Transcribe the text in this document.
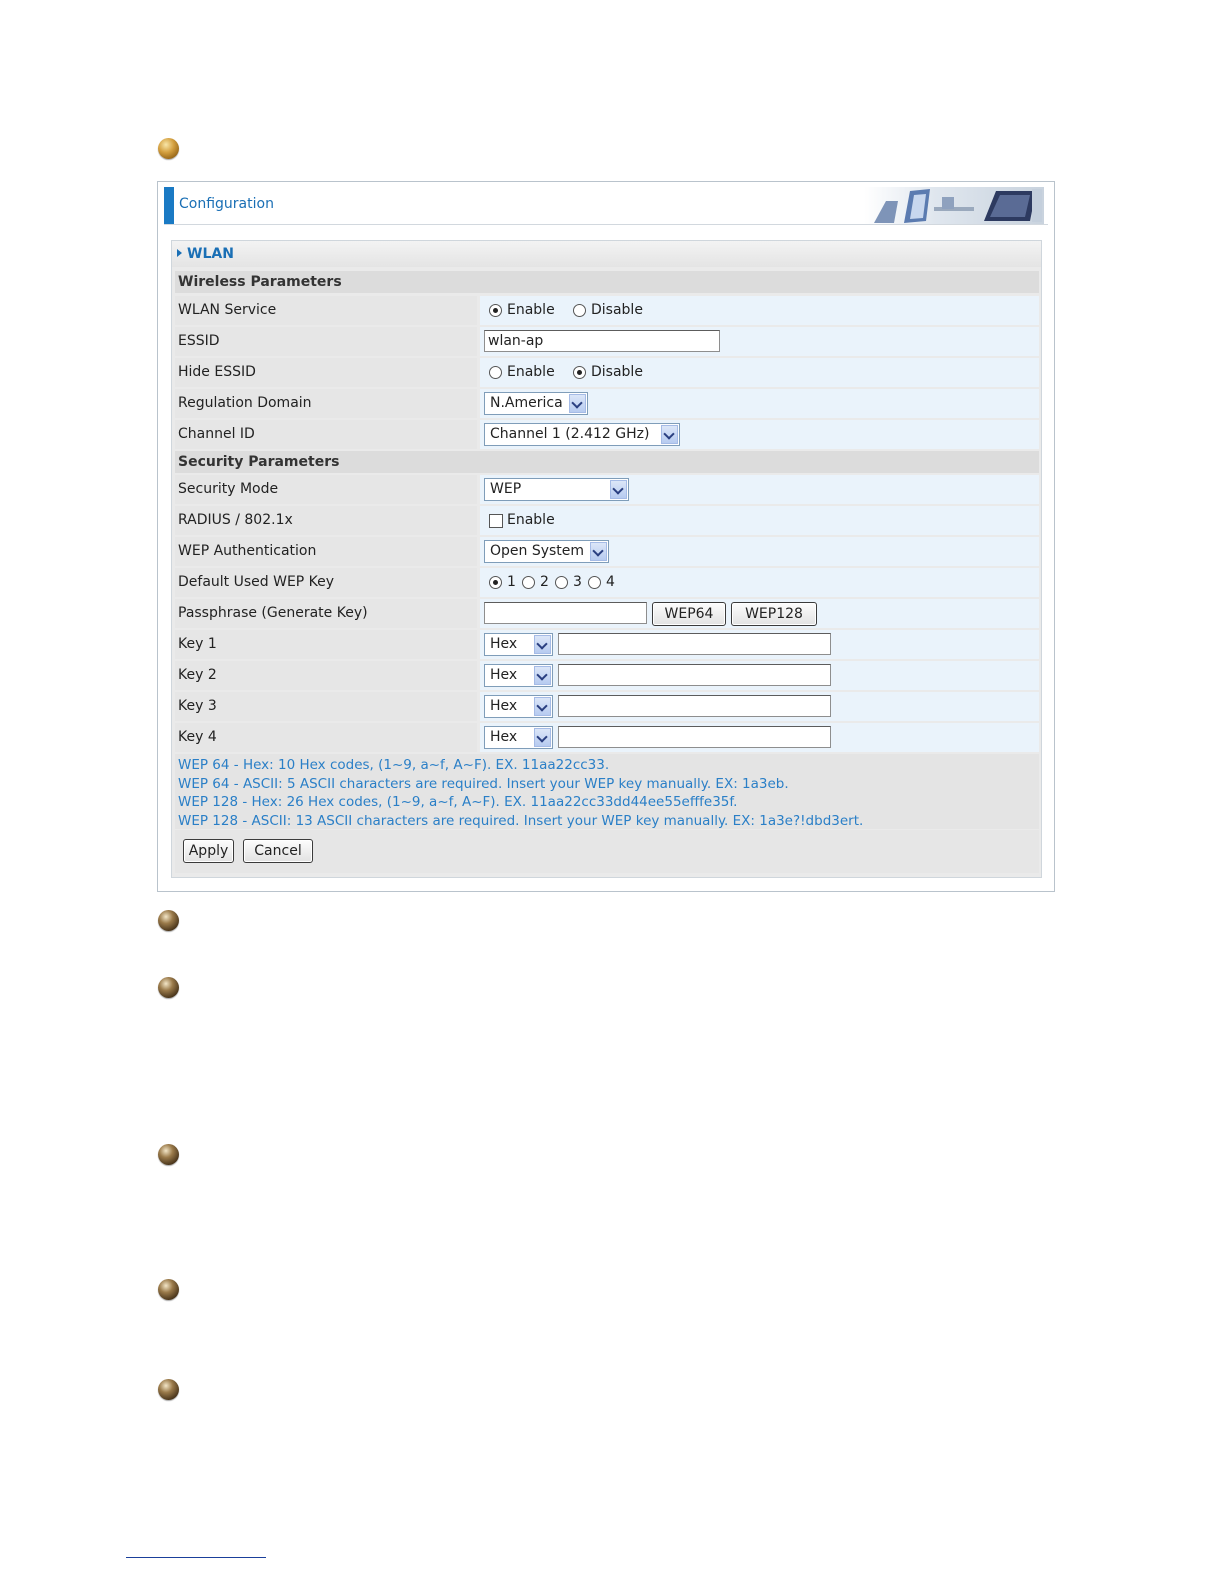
Configuration
WLAN
Wireless Parameters
WLAN Service	Enable	Disable
ESSID	wlan-ap
Hide ESSID	Enable	Disable
Regulation Domain	N.America
Channel ID	Channel 1 (2.412 GHz)
Security Parameters
Security Mode	WEP
RADIUS / 802.1x	Enable
WEP Authentication	Open System
Default Used WEP Key	1 2 3 4
Passphrase (Generate Key)	WEP64	WEP128
Key 1	Hex
Key 2	Hex
Key 3	Hex
Key 4	Hex
WEP 64 - Hex: 10 Hex codes, (1~9, a~f, A~F). EX. 11aa22cc33.
WEP 64 - ASCII: 5 ASCII characters are required. Insert your WEP key manually. EX: 1a3eb.
WEP 128 - Hex: 26 Hex codes, (1~9, a~f, A~F). EX. 11aa22cc33dd44ee55efffe35f.
WEP 128 - ASCII: 13 ASCII characters are required. Insert your WEP key manually. EX: 1a3e?!dbd3ert.
Apply	Cancel
